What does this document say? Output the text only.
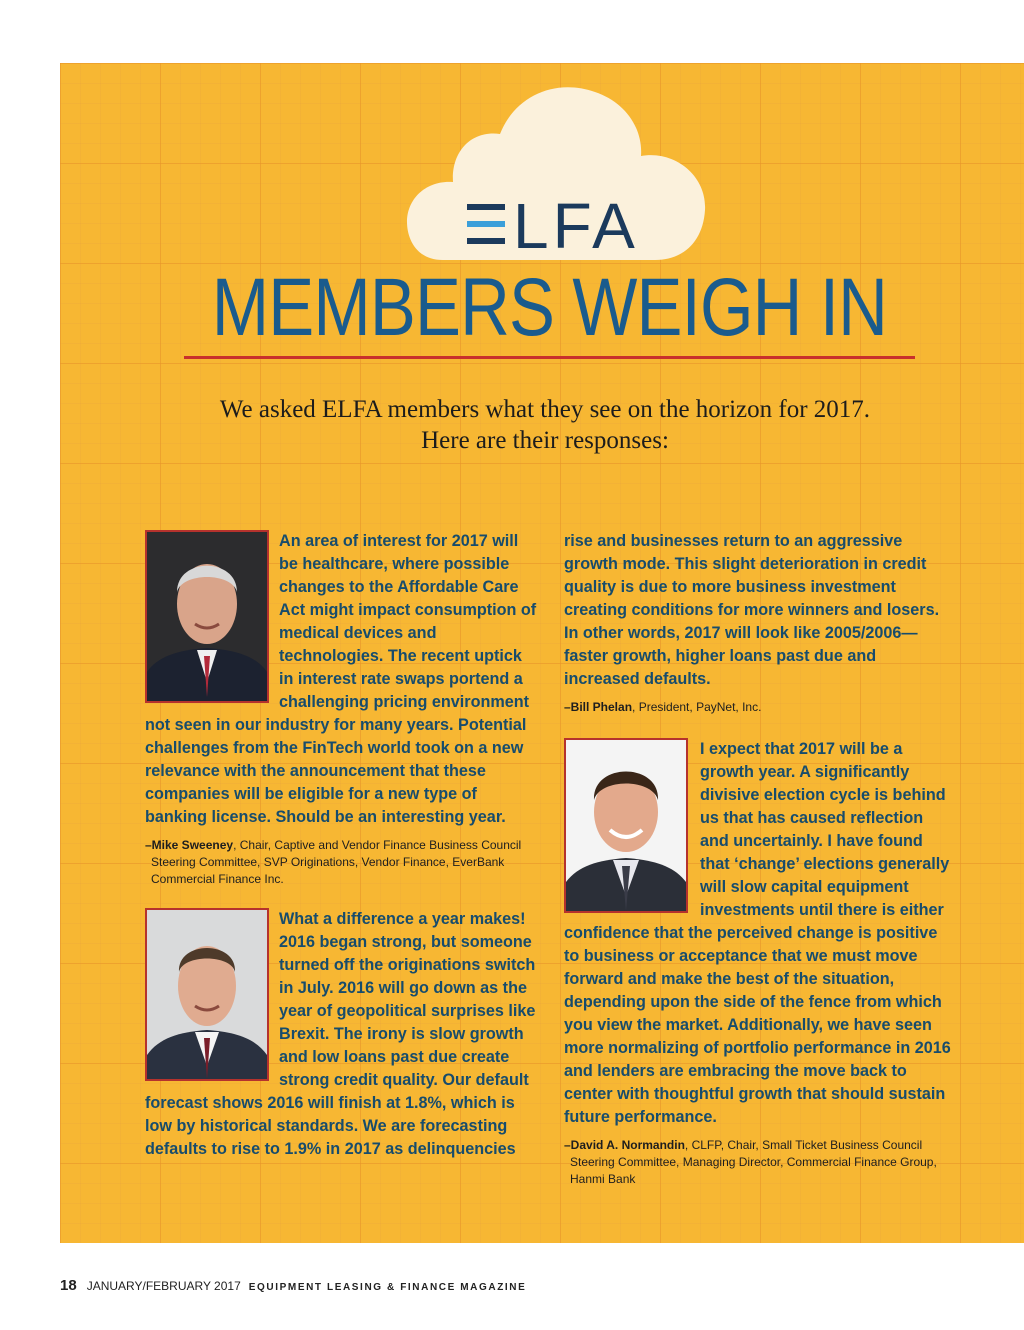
LFA
MEMBERS WEIGH IN
We asked ELFA members what they see on the horizon for 2017.
Here are their responses:

An area of interest for 2017 will be healthcare, where possible changes to the Affordable Care Act might impact consumption of medical devices and technologies. The recent uptick in interest rate swaps portend a challenging pricing environment not seen in our industry for many years. Potential challenges from the FinTech world took on a new relevance with the announcement that these companies will be eligible for a new type of banking license. Should be an interesting year.

–Mike Sweeney, Chair, Captive and Vendor Finance Business Council Steering Committee, SVP Originations, Vendor Finance, EverBank Commercial Finance Inc.

What a difference a year makes! 2016 began strong, but someone turned off the originations switch in July. 2016 will go down as the year of geopolitical surprises like Brexit. The irony is slow growth and low loans past due create strong credit quality. Our default forecast shows 2016 will finish at 1.8%, which is low by historical standards. We are forecasting defaults to rise to 1.9% in 2017 as delinquencies

rise and businesses return to an aggressive growth mode. This slight deterioration in credit quality is due to more business investment creating conditions for more winners and losers. In other words, 2017 will look like 2005/2006—faster growth, higher loans past due and increased defaults.

–Bill Phelan, President, PayNet, Inc.

I expect that 2017 will be a growth year. A significantly divisive election cycle is behind us that has caused reflection and uncertainly. I have found that ‘change’ elections generally will slow capital equipment investments until there is either confidence that the perceived change is positive to business or acceptance that we must move forward and make the best of the situation, depending upon the side of the fence from which you view the market. Additionally, we have seen more normalizing of portfolio performance in 2016 and lenders are embracing the move back to center with thoughtful growth that should sustain future performance.

–David A. Normandin, CLFP, Chair, Small Ticket Business Council Steering Committee, Managing Director, Commercial Finance Group, Hanmi Bank

18 JANUARY/FEBRUARY 2017 EQUIPMENT LEASING & FINANCE MAGAZINE
